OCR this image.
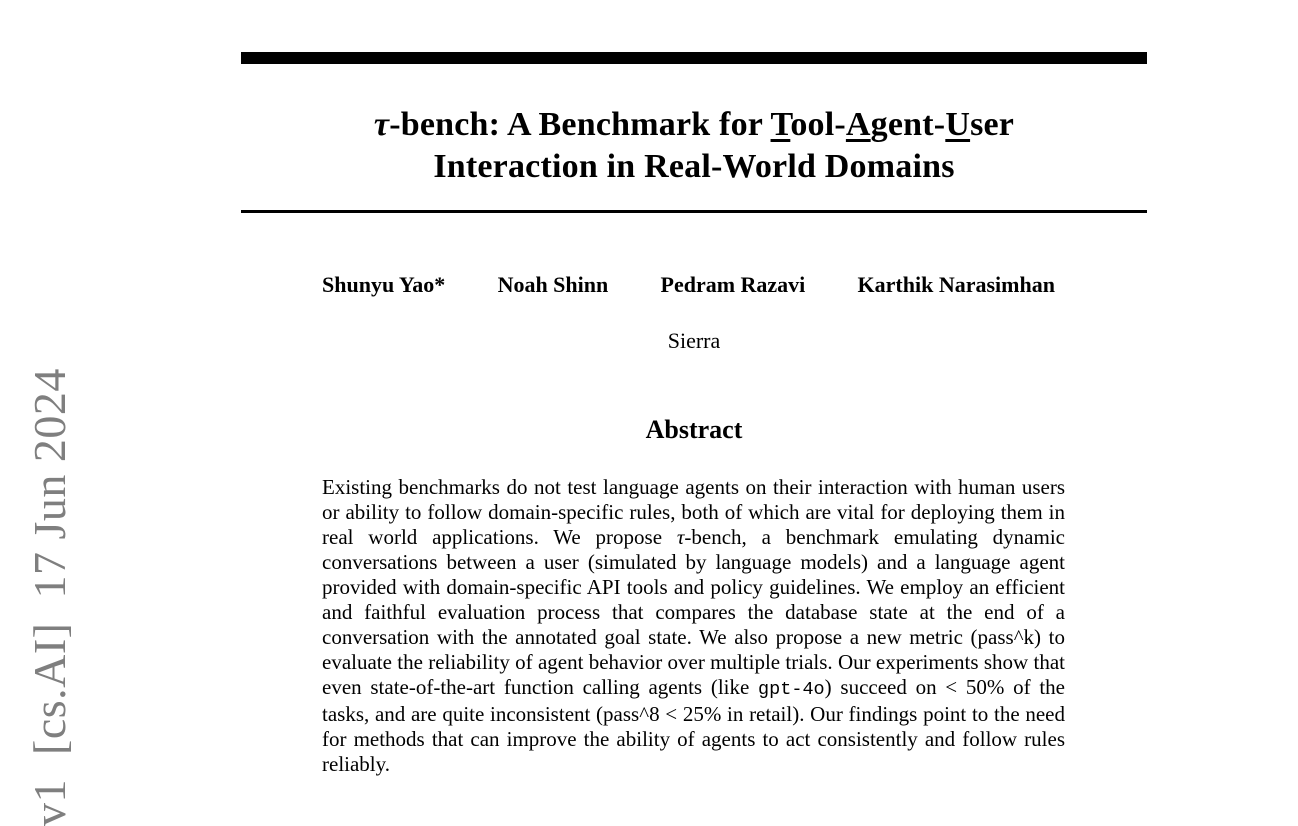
v1  [cs.AI]  17 Jun 2024
τ-bench: A Benchmark for Tool-Agent-User
Interaction in Real-World Domains
Shunyu Yao* Noah Shinn Pedram Razavi Karthik Narasimhan
Sierra
Abstract
Existing benchmarks do not test language agents on their interaction with human users or ability to follow domain-specific rules, both of which are vital for deploying them in real world applications. We propose τ-bench, a benchmark emulating dynamic conversations between a user (simulated by language models) and a language agent provided with domain-specific API tools and policy guidelines. We employ an efficient and faithful evaluation process that compares the database state at the end of a conversation with the annotated goal state. We also propose a new metric (pass^k) to evaluate the reliability of agent behavior over multiple trials. Our experiments show that even state-of-the-art function calling agents (like gpt-4o) succeed on < 50% of the tasks, and are quite inconsistent (pass^8 < 25% in retail). Our findings point to the need for methods that can improve the ability of agents to act consistently and follow rules reliably.
